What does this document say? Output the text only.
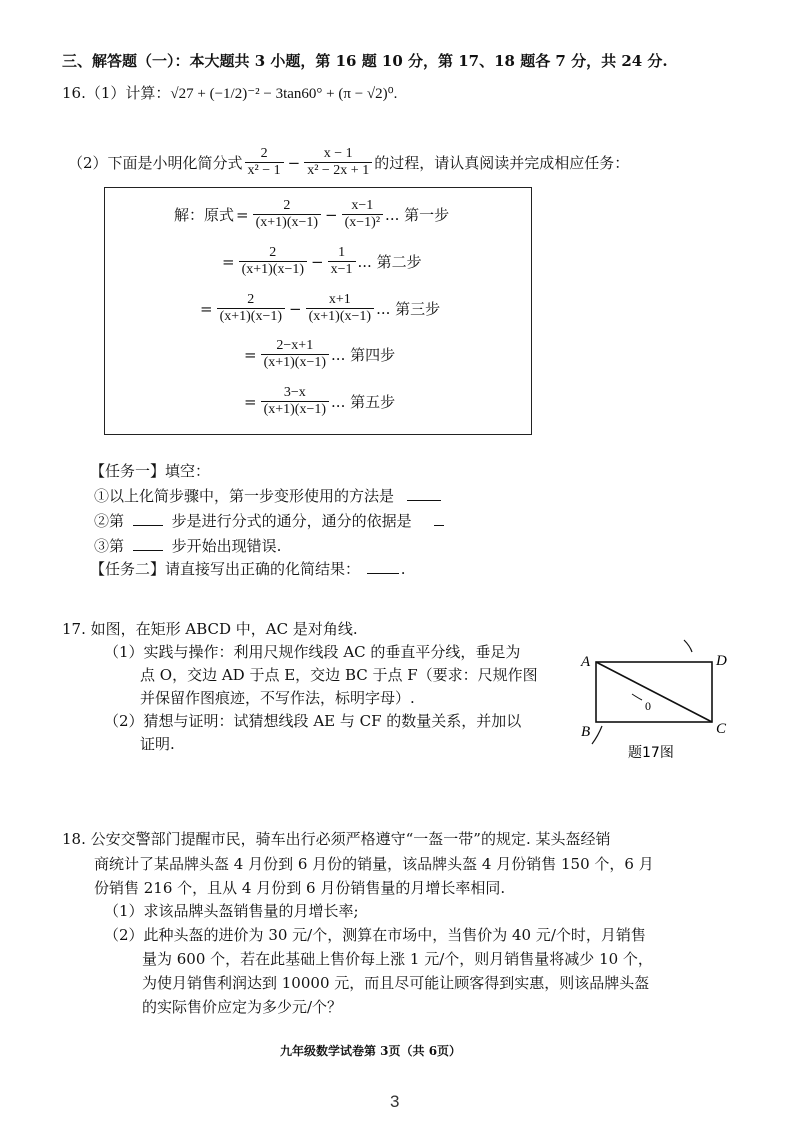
三、解答题（一）：本大题共 3 小题，第 16 题 10 分，第 17、18 题各 7 分，共 24 分.
16.（1）计算：√27 + (−1/2)⁻² − 3tan60° + (π − √2)⁰.
（2）下面是小明化简分式 $\frac{2}{\text{x² − 1}} - \frac{x - 1}{\text{x² − 2x + 1}}$ 的过程，请认真阅读并完成相应任务：
解：原式 = $\frac{2}{(x+1)(x-1)} - \frac{x-1}{\text{(x−1)²}}$ ... 第一步
= $\frac{2}{(x+1)(x-1)} - \frac{1}{x-1}$ ... 第二步
= $\frac{2}{(x+1)(x-1)} - \frac{x+1}{(x+1)(x-1)}$ ... 第三步
= $\frac{2-x+1}{(x+1)(x-1)}$ ... 第四步
= $\frac{3-x}{(x+1)(x-1)}$ ... 第五步
【任务一】填空：
①以上化简步骤中，第一步变形使用的方法是
②第	步是进行分式的通分，通分的依据是
③第	步开始出现错误.
【任务二】请直接写出正确的化简结果：	.
17. 如图，在矩形 ABCD 中，AC 是对角线.
（1）实践与操作：利用尺规作线段 AC 的垂直平分线，垂足为
点 O，交边 AD 于点 E，交边 BC 于点 F（要求：尺规作图
并保留作图痕迹，不写作法，标明字母）.
（2）猜想与证明：试猜想线段 AE 与 CF 的数量关系，并加以
证明.
A	D
B	C
0
题17图
18. 公安交警部门提醒市民，骑车出行必须严格遵守“一盔一带”的规定. 某头盔经销
商统计了某品牌头盔 4 月份到 6 月份的销量，该品牌头盔 4 月份销售 150 个，6 月
份销售 216 个，且从 4 月份到 6 月份销售量的月增长率相同.
（1）求该品牌头盔销售量的月增长率;
（2）此种头盔的进价为 30 元/个，测算在市场中，当售价为 40 元/个时，月销售
量为 600 个，若在此基础上售价每上涨 1 元/个，则月销售量将减少 10 个，
为使月销售利润达到 10000 元，而且尽可能让顾客得到实惠，则该品牌头盔
的实际售价应定为多少元/个？
九年级数学试卷第 3页（共 6页）
3
